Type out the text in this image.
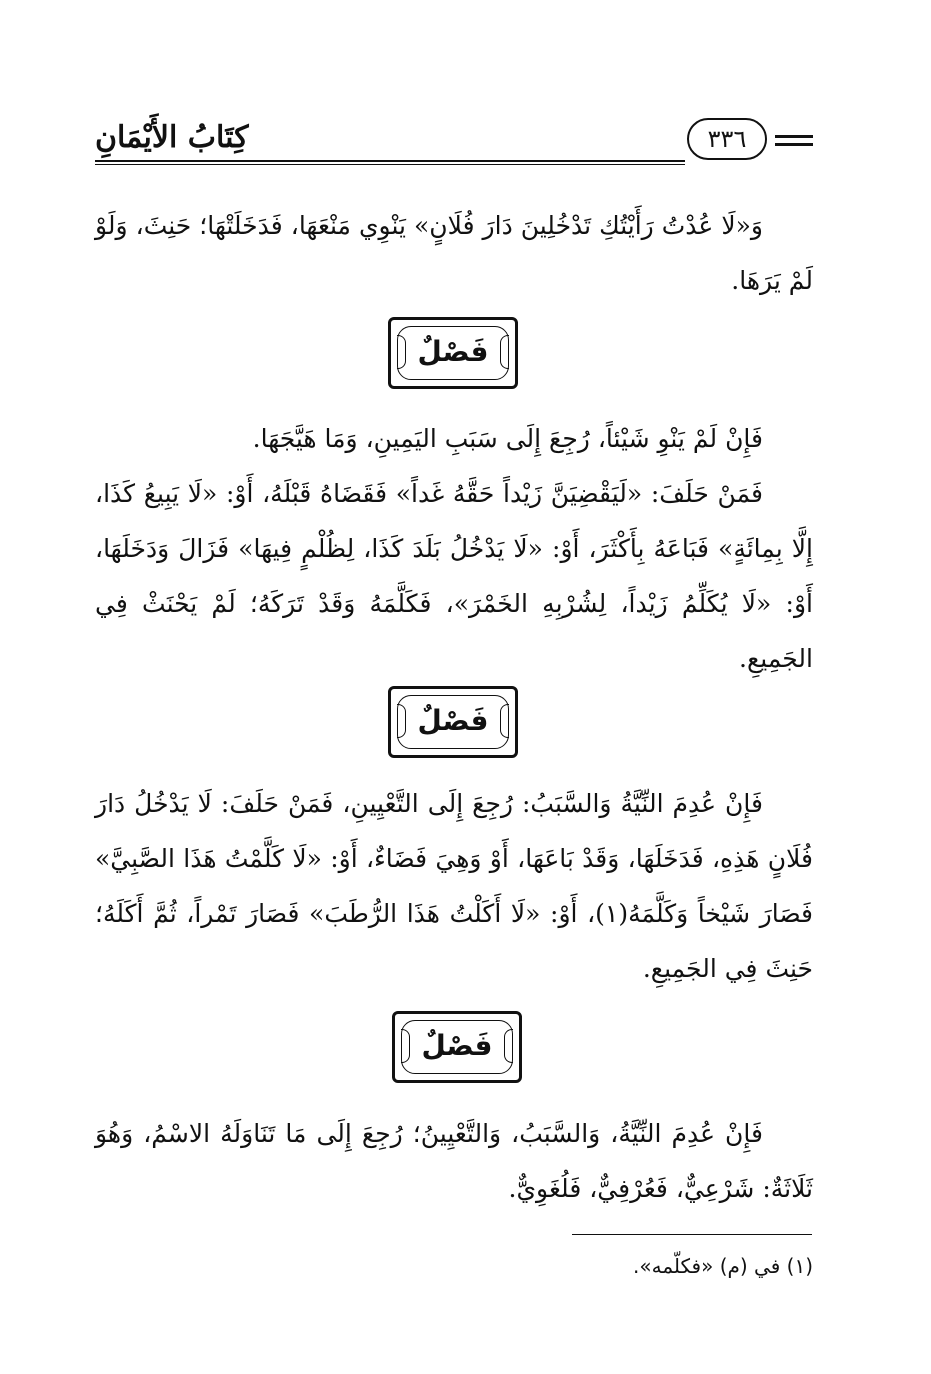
كِتَابُ الأَيْمَانِ	٣٣٦

وَ«لَا عُدْتُ رَأَيْتُكِ تَدْخُلِينَ دَارَ فُلَانٍ» يَنْوِي مَنْعَهَا، فَدَخَلَتْهَا؛ حَنِثَ، وَلَوْ لَمْ يَرَهَا.

فَصْلٌ

فَإِنْ لَمْ يَنْوِ شَيْئاً، رُجِعَ إِلَى سَبَبِ اليَمِينِ، وَمَا هَيَّجَهَا.

فَمَنْ حَلَفَ: «لَيَقْضِيَنَّ زَيْداً حَقَّهُ غَداً» فَقَضَاهُ قَبْلَهُ، أَوْ: «لَا يَبِيعُ كَذَا، إِلَّا بِمِائَةٍ» فَبَاعَهُ بِأَكْثَرَ، أَوْ: «لَا يَدْخُلُ بَلَدَ كَذَا، لِظُلْمٍ فِيهَا» فَزَالَ وَدَخَلَهَا، أَوْ: «لَا يُكَلِّمُ زَيْداً، لِشُرْبِهِ الخَمْرَ»، فَكَلَّمَهُ وَقَدْ تَرَكَهُ؛ لَمْ يَحْنَثْ فِي الجَمِيعِ.

فَصْلٌ

فَإِنْ عُدِمَ النِّيَّةُ وَالسَّبَبُ: رُجِعَ إِلَى التَّعْيِينِ، فَمَنْ حَلَفَ: لَا يَدْخُلُ دَارَ فُلَانٍ هَذِهِ، فَدَخَلَهَا، وَقَدْ بَاعَهَا، أَوْ وَهِيَ فَضَاءٌ، أَوْ: «لَا كَلَّمْتُ هَذَا الصَّبِيَّ» فَصَارَ شَيْخاً وَكَلَّمَهُ(١)، أَوْ: «لَا أَكَلْتُ هَذَا الرُّطَبَ» فَصَارَ تَمْراً، ثُمَّ أَكَلَهُ؛ حَنِثَ فِي الجَمِيعِ.

فَصْلٌ

فَإِنْ عُدِمَ النِّيَّةُ، وَالسَّبَبُ، وَالتَّعْيِينُ؛ رُجِعَ إِلَى مَا تَنَاوَلَهُ الاسْمُ، وَهُوَ ثَلَاثَةٌ: شَرْعِيٌّ، فَعُرْفِيٌّ، فَلُغَوِيٌّ.

(١) في (م) «فكلّمه».
